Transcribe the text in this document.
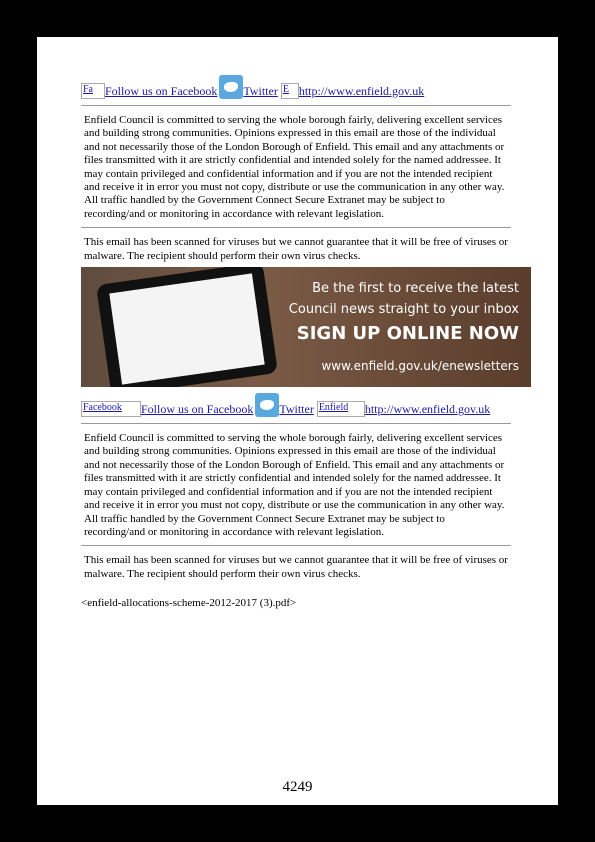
Fa	Follow us on Facebook Twitter E http://www.enfield.gov.uk

Enfield Council is committed to serving the whole borough fairly, delivering excellent services and building strong communities. Opinions expressed in this email are those of the individual and not necessarily those of the London Borough of Enfield. This email and any attachments or files transmitted with it are strictly confidential and intended solely for the named addressee. It may contain privileged and confidential information and if you are not the intended recipient and receive it in error you must not copy, distribute or use the communication in any other way. All traffic handled by the Government Connect Secure Extranet may be subject to recording/and or monitoring in accordance with relevant legislation.

This email has been scanned for viruses but we cannot guarantee that it will be free of viruses or malware. The recipient should perform their own virus checks.

Be the first to receive the latest
Council news straight to your inbox
SIGN UP ONLINE NOW
www.enfield.gov.uk/enewsletters
Facebook	Follow us on Facebook Twitter Enfield	http://www.enfield.gov.uk

Enfield Council is committed to serving the whole borough fairly, delivering excellent services and building strong communities. Opinions expressed in this email are those of the individual and not necessarily those of the London Borough of Enfield. This email and any attachments or files transmitted with it are strictly confidential and intended solely for the named addressee. It may contain privileged and confidential information and if you are not the intended recipient and receive it in error you must not copy, distribute or use the communication in any other way. All traffic handled by the Government Connect Secure Extranet may be subject to recording/and or monitoring in accordance with relevant legislation.

This email has been scanned for viruses but we cannot guarantee that it will be free of viruses or malware. The recipient should perform their own virus checks.

<enfield-allocations-scheme-2012-2017 (3).pdf>
4249
